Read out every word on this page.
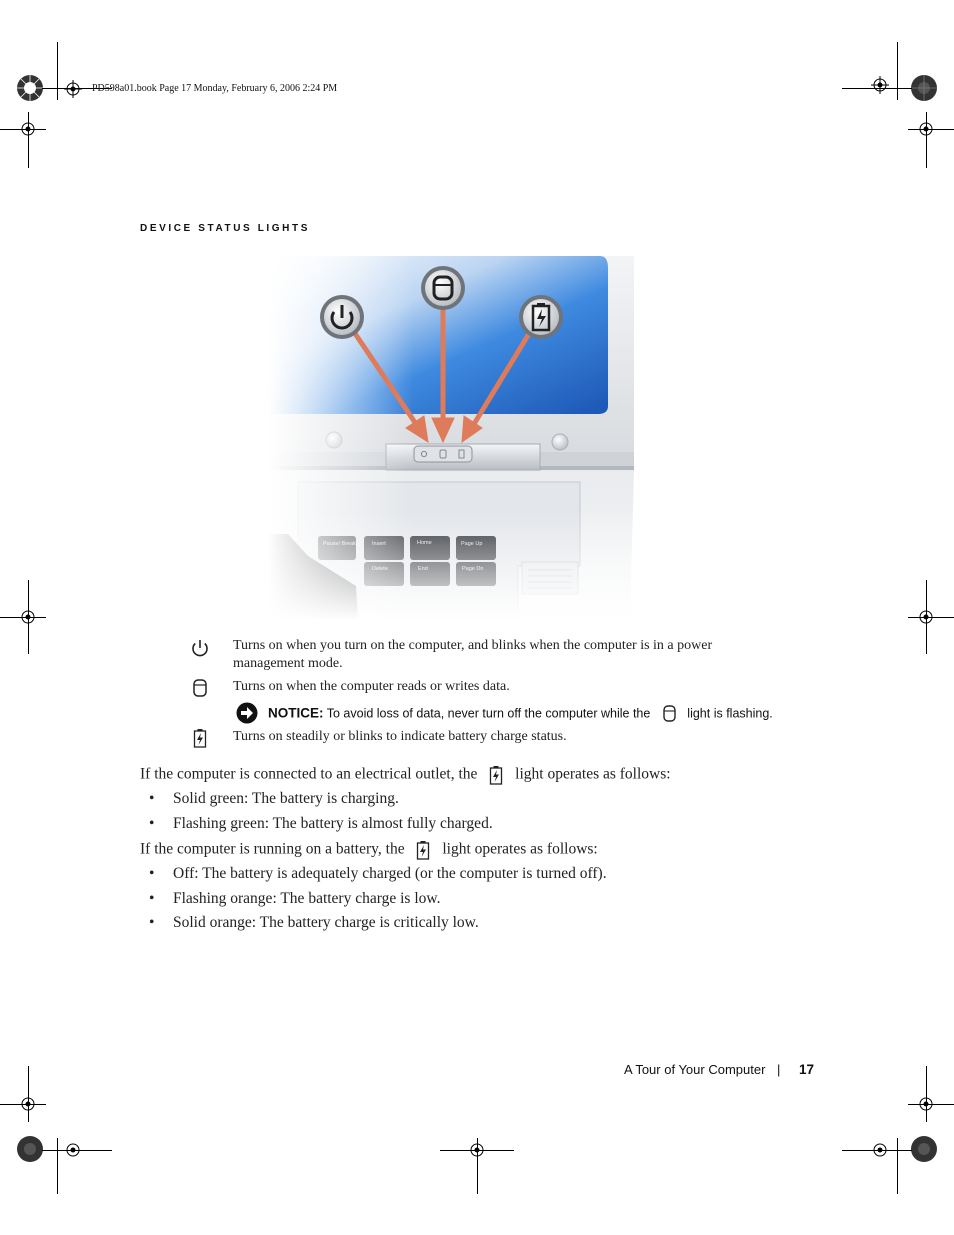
PD598a01.book Page 17 Monday, February 6, 2006 2:24 PM
DEVICE STATUS LIGHTS
Turns on when you turn on the computer, and blinks when the computer is in a power
management mode.
Turns on when the computer reads or writes data.
NOTICE: To avoid loss of data, never turn off the computer while the	light is flashing.
Turns on steadily or blinks to indicate battery charge status.
If the computer is connected to an electrical outlet, the light operates as follows:
• Solid green: The battery is charging.
• Flashing green: The battery is almost fully charged.
If the computer is running on a battery, the light operates as follows:
• Off: The battery is adequately charged (or the computer is turned off).
• Flashing orange: The battery charge is low.
• Solid orange: The battery charge is critically low.
A Tour of Your Computer | 17
